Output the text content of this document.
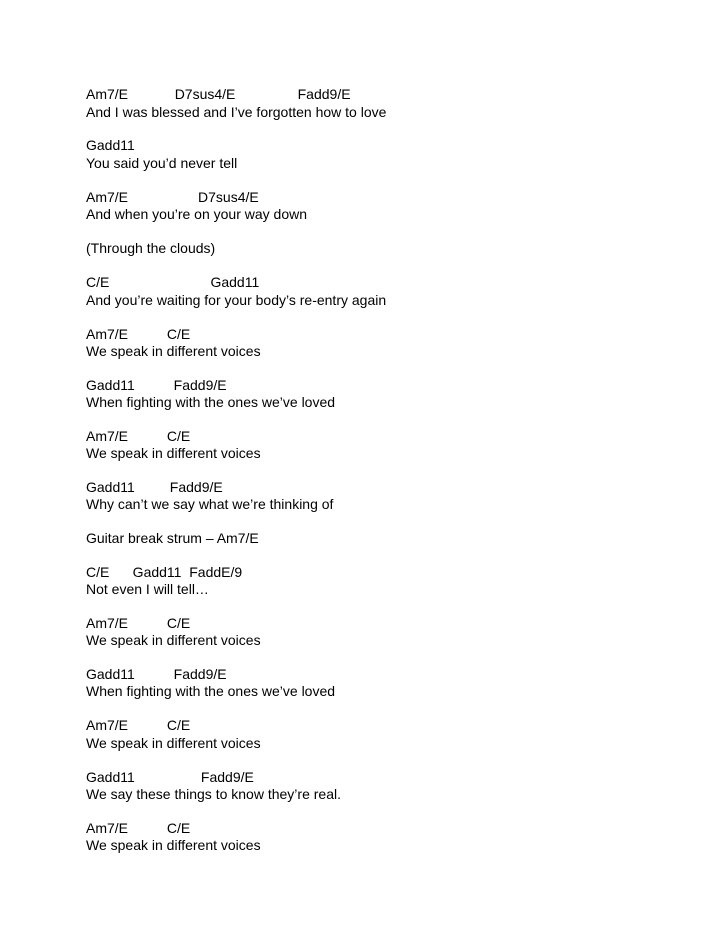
Am7/E            D7sus4/E                Fadd9/E
And I was blessed and I’ve forgotten how to love
Gadd11
You said you’d never tell
Am7/E                  D7sus4/E
And when you’re on your way down
(Through the clouds)
C/E                          Gadd11
And you’re waiting for your body’s re-entry again
Am7/E          C/E
We speak in different voices
Gadd11          Fadd9/E
When fighting with the ones we’ve loved
Am7/E          C/E
We speak in different voices
Gadd11         Fadd9/E
Why can’t we say what we’re thinking of
Guitar break strum – Am7/E
C/E      Gadd11  FaddE/9
Not even I will tell…
Am7/E          C/E
We speak in different voices
Gadd11          Fadd9/E
When fighting with the ones we’ve loved
Am7/E          C/E
We speak in different voices
Gadd11                 Fadd9/E
We say these things to know they’re real.
Am7/E          C/E
We speak in different voices
